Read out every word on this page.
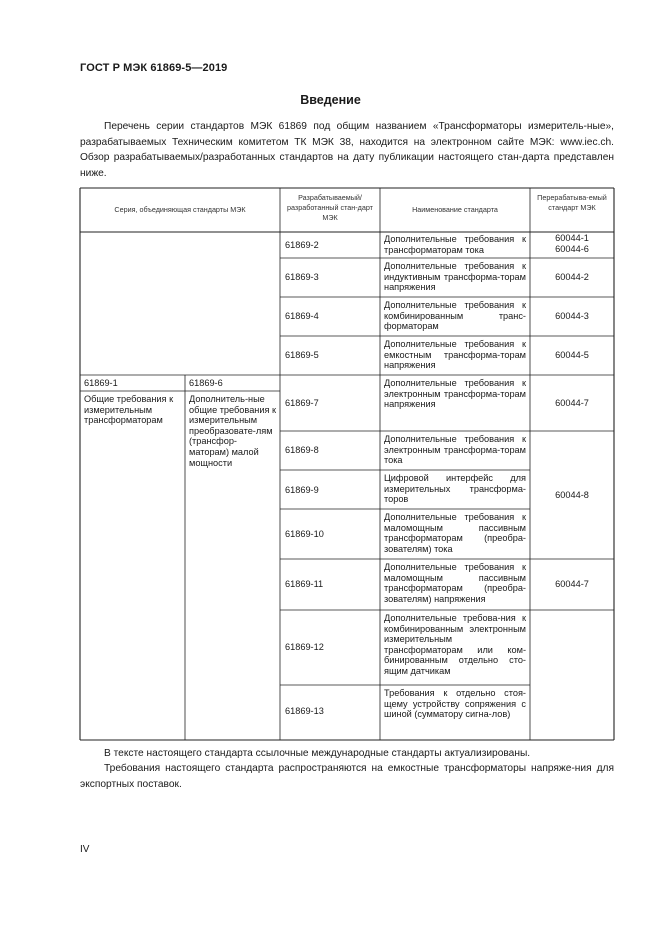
ГОСТ Р МЭК 61869-5—2019
Введение
Перечень серии стандартов МЭК 61869 под общим названием «Трансформаторы измеритель-ные», разрабатываемых Техническим комитетом ТК МЭК 38, находится на электронном сайте МЭК: www.iec.ch. Обзор разрабатываемых/разработанных стандартов на дату публикации настоящего стан-дарта представлен ниже.
Серия, объединяющая стандарты МЭК
Разрабатываемый/ разработанный стан-дарт МЭК
Наименование стандарта
Перерабатыва-емый стандарт МЭК
61869-1
Общие требования к измерительным трансформаторам
61869-6
Дополнитель-ные общие требования к измерительным преобразовате-лям (трансфор-маторам) малой мощности
61869-2
Дополнительные требования к трансформаторам тока
61869-3
Дополнительные требования к индуктивным трансформа-торам напряжения
61869-4
Дополнительные требования к комбинированным транс-форматорам
61869-5
Дополнительные требования к емкостным трансформа-торам напряжения
61869-7
Дополнительные требования к электронным трансформа-торам напряжения
61869-8
Дополнительные требования к электронным трансформа-торам тока
61869-9
Цифровой интерфейс для измерительных трансформа-торов
61869-10
Дополнительные требования к маломощным пассивным трансформаторам (преобра-зователям) тока
61869-11
Дополнительные требования к маломощным пассивным трансформаторам (преобра-зователям) напряжения
61869-12
Дополнительные требова-ния к комбинированным электронным измерительным трансформаторам или ком-бинированным отдельно сто-ящим датчикам
61869-13
Требования к отдельно стоя-щему устройству сопряжения с шиной (сумматору сигна-лов)
60044-1
60044-6
60044-2
60044-3
60044-5
60044-7
60044-8
60044-7
В тексте настоящего стандарта ссылочные международные стандарты актуализированы.
Требования настоящего стандарта распространяются на емкостные трансформаторы напряже-ния для экспортных поставок.
IV
